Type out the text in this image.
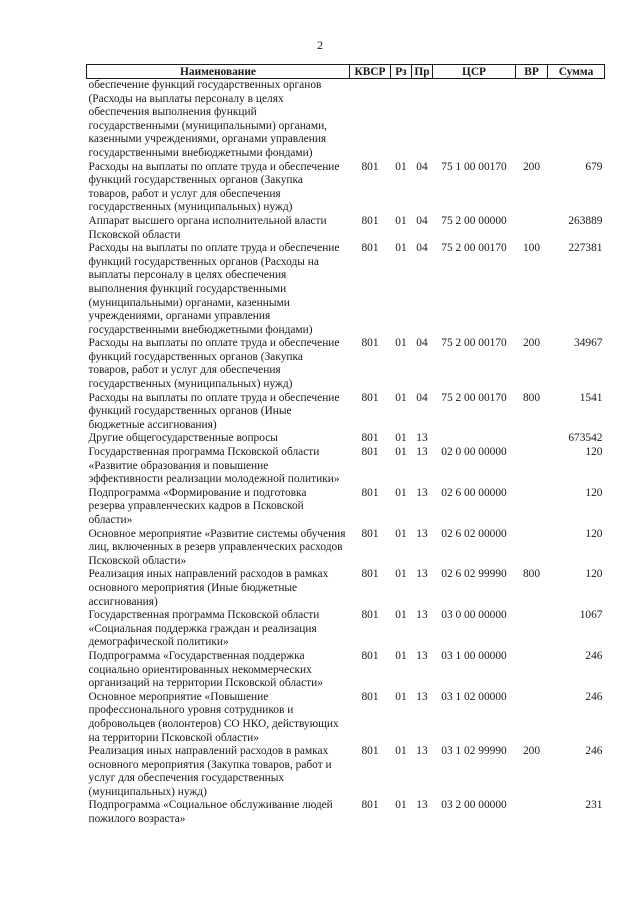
2
Наименование	КВСР	Рз	Пр	ЦСР	ВР	Сумма
обеспечение функций государственных органов (Расходы на выплаты персоналу в целях обеспечения выполнения функций государственными (муниципальными) органами, казенными учреждениями, органами управления государственными внебюджетными фондами)						
Расходы на выплаты по оплате труда и обеспечение функций государственных органов (Закупка товаров, работ и услуг для обеспечения государственных (муниципальных) нужд)	801	01	04	75 1 00 00170	200	679
Аппарат высшего органа исполнительной власти Псковской области	801	01	04	75 2 00 00000		263889
Расходы на выплаты по оплате труда и обеспечение функций государственных органов (Расходы на выплаты персоналу в целях обеспечения выполнения функций государственными (муниципальными) органами, казенными учреждениями, органами управления государственными внебюджетными фондами)	801	01	04	75 2 00 00170	100	227381
Расходы на выплаты по оплате труда и обеспечение функций государственных органов (Закупка товаров, работ и услуг для обеспечения государственных (муниципальных) нужд)	801	01	04	75 2 00 00170	200	34967
Расходы на выплаты по оплате труда и обеспечение функций государственных органов (Иные бюджетные ассигнования)	801	01	04	75 2 00 00170	800	1541
Другие общегосударственные вопросы	801	01	13			673542
Государственная программа Псковской области «Развитие образования и повышение эффективности реализации молодежной политики»	801	01	13	02 0 00 00000		120
Подпрограмма «Формирование и подготовка резерва управленческих кадров в Псковской области»	801	01	13	02 6 00 00000		120
Основное мероприятие «Развитие системы обучения лиц, включенных в резерв управленческих расходов Псковской области»	801	01	13	02 6 02 00000		120
Реализация иных направлений расходов в рамках основного мероприятия (Иные бюджетные ассигнования)	801	01	13	02 6 02 99990	800	120
Государственная программа Псковской области «Социальная поддержка граждан и реализация демографической политики»	801	01	13	03 0 00 00000		1067
Подпрограмма «Государственная поддержка социально ориентированных некоммерческих организаций на территории Псковской области»	801	01	13	03 1 00 00000		246
Основное мероприятие «Повышение профессионального уровня сотрудников и добровольцев (волонтеров) СО НКО, действующих на территории Псковской области»	801	01	13	03 1 02 00000		246
Реализация иных направлений расходов в рамках основного мероприятия (Закупка товаров, работ и услуг для обеспечения государственных (муниципальных) нужд)	801	01	13	03 1 02 99990	200	246
Подпрограмма «Социальное обслуживание людей пожилого возраста»	801	01	13	03 2 00 00000		231
